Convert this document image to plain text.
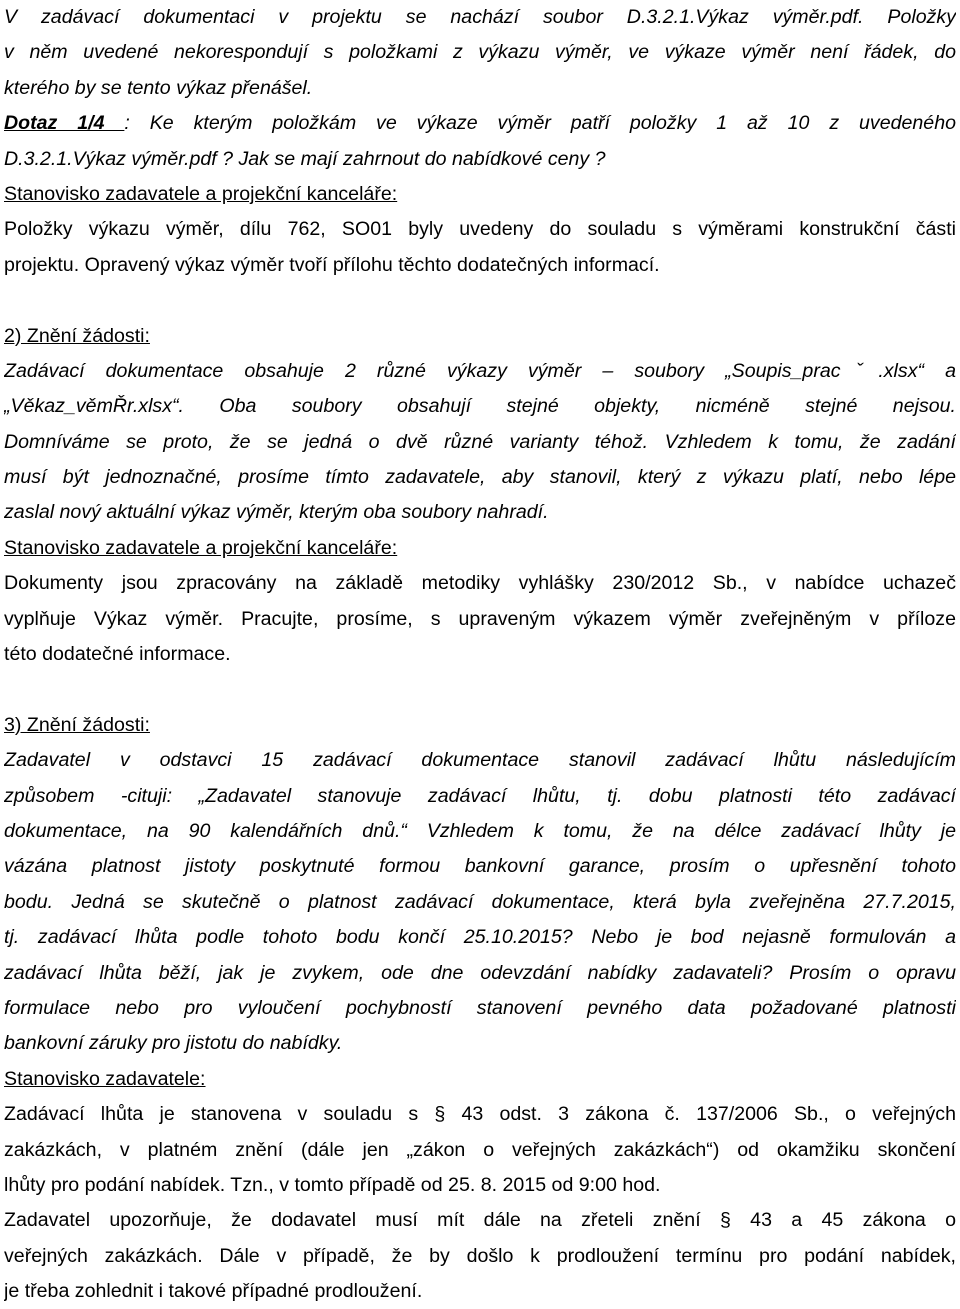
V zadávací dokumentaci v projektu se nachází soubor D.3.2.1.Výkaz výměr.pdf. Položky
v něm uvedené nekorespondují s položkami z výkazu výměr, ve výkaze výměr není řádek, do
kterého by se tento výkaz přenášel.
Dotaz 1/4 : Ke kterým položkám ve výkaze výměr patří položky 1 až 10 z uvedeného
D.3.2.1.Výkaz výměr.pdf ? Jak se mají zahrnout do nabídkové ceny ?
Stanovisko zadavatele a projekční kanceláře:
Položky výkazu výměr, dílu 762, SO01 byly uvedeny do souladu s výměrami konstrukční části
projektu. Opravený výkaz výměr tvoří přílohu těchto dodatečných informací.
2) Znění žádosti:
Zadávací dokumentace obsahuje 2 různé výkazy výměr – soubory „Soupis_pracˇ.xlsx“ a
„Věkaz_věmŘr.xlsx“. Oba soubory obsahují stejné objekty, nicméně stejné nejsou.
Domníváme se proto, že se jedná o dvě různé varianty téhož. Vzhledem k tomu, že zadání
musí být jednoznačné, prosíme tímto zadavatele, aby stanovil, který z výkazu platí, nebo lépe
zaslal nový aktuální výkaz výměr, kterým oba soubory nahradí.
Stanovisko zadavatele a projekční kanceláře:
Dokumenty jsou zpracovány na základě metodiky vyhlášky 230/2012 Sb., v nabídce uchazeč
vyplňuje Výkaz výměr. Pracujte, prosíme, s upraveným výkazem výměr zveřejněným v příloze
této dodatečné informace.
3) Znění žádosti:
Zadavatel v odstavci 15 zadávací dokumentace stanovil zadávací lhůtu následujícím
způsobem -cituji: „Zadavatel stanovuje zadávací lhůtu, tj. dobu platnosti této zadávací
dokumentace, na 90 kalendářních dnů.“ Vzhledem k tomu, že na délce zadávací lhůty je
vázána platnost jistoty poskytnuté formou bankovní garance, prosím o upřesnění tohoto
bodu. Jedná se skutečně o platnost zadávací dokumentace, která byla zveřejněna 27.7.2015,
tj. zadávací lhůta podle tohoto bodu končí 25.10.2015? Nebo je bod nejasně formulován a
zadávací lhůta běží, jak je zvykem, ode dne odevzdání nabídky zadavateli? Prosím o opravu
formulace nebo pro vyloučení pochybností stanovení pevného data požadované platnosti
bankovní záruky pro jistotu do nabídky.
Stanovisko zadavatele:
Zadávací lhůta je stanovena v souladu s § 43 odst. 3 zákona č. 137/2006 Sb., o veřejných
zakázkách, v platném znění (dále jen „zákon o veřejných zakázkách“) od okamžiku skončení
lhůty pro podání nabídek. Tzn., v tomto případě od 25. 8. 2015 od 9:00 hod.
Zadavatel upozorňuje, že dodavatel musí mít dále na zřeteli znění § 43 a 45 zákona o
veřejných zakázkách. Dále v případě, že by došlo k prodloužení termínu pro podání nabídek,
je třeba zohlednit i takové případné prodloužení.
